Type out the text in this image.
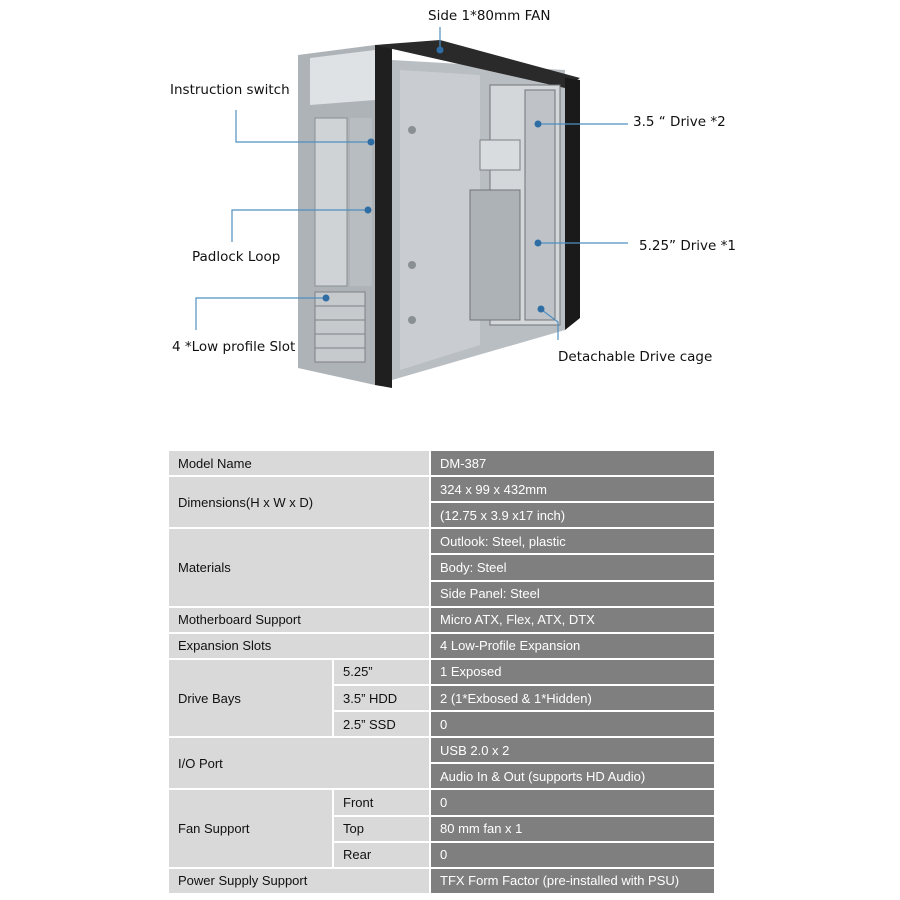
Side 1*80mm FAN
Instruction switch
3.5 “ Drive *2
5.25” Drive *1
Padlock Loop
4 *Low profile Slot
Detachable Drive cage
Model Name		DM-387
Dimensions(H x W x D)		324 x 99 x 432mm
		(12.75 x 3.9 x17 inch)
Materials		Outlook: Steel, plastic
		Body: Steel
		Side Panel: Steel
Motherboard Support		Micro ATX, Flex, ATX, DTX
Expansion Slots		4 Low-Profile Expansion
Drive Bays	5.25”	1 Exposed
	3.5” HDD	2 (1*Exbosed & 1*Hidden)
	2.5” SSD	0
I/O Port		USB 2.0 x 2
		Audio In & Out (supports HD Audio)
Fan Support	Front	0
	Top	80 mm fan x 1
	Rear	0
Power Supply Support		TFX Form Factor (pre-installed with PSU)
